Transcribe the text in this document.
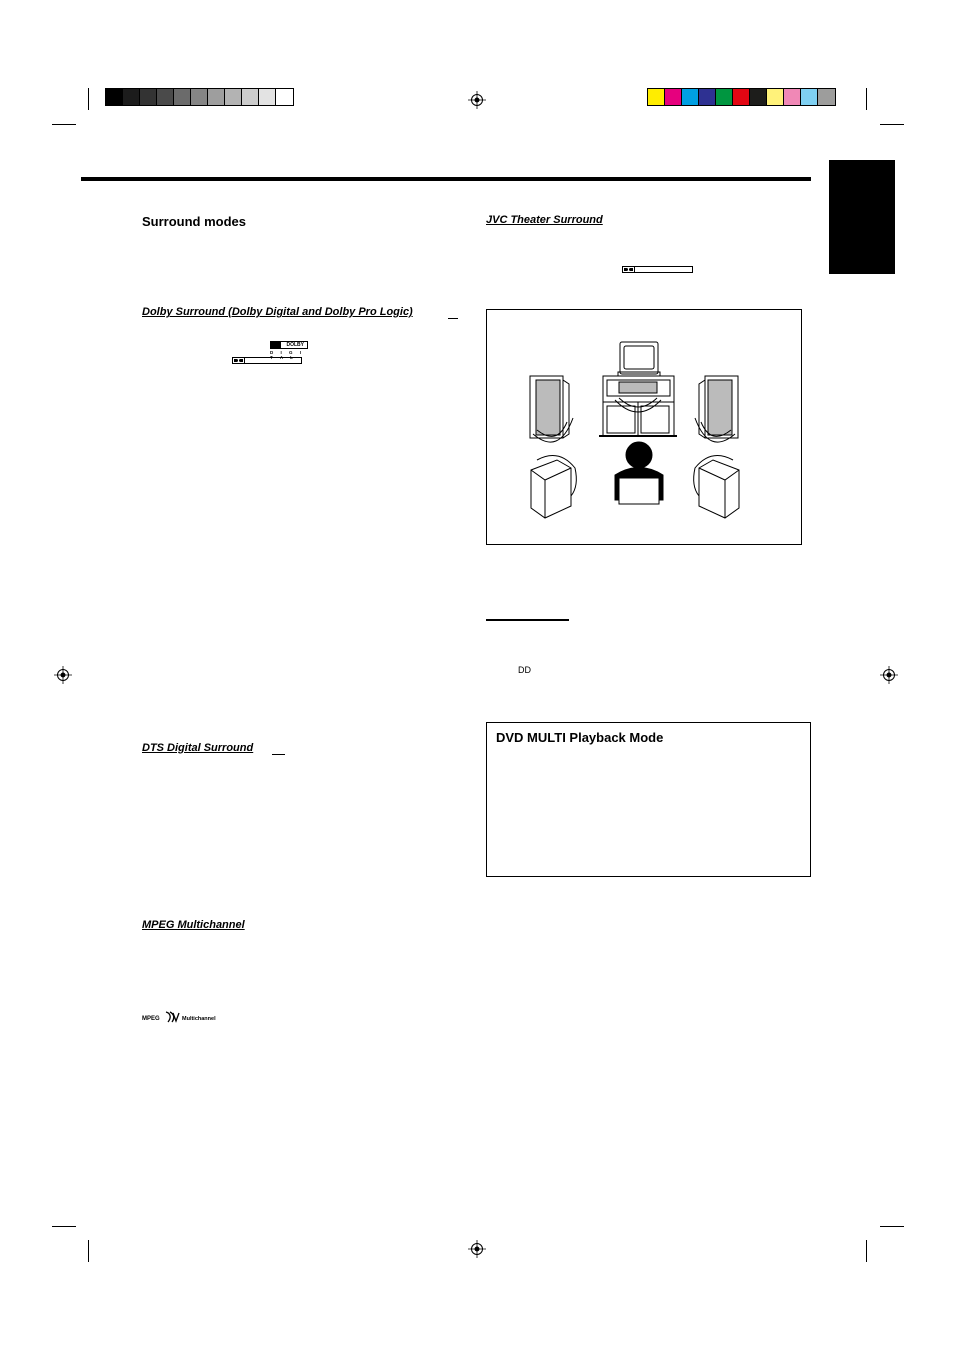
Surround modes
Dolby Surround (Dolby Digital and Dolby Pro Logic)
DOLBY
D I G I T A L
DTS Digital Surround
MPEG Multichannel
MPEG	Multichannel
JVC Theater Surround
DD
DVD MULTI Playback Mode
